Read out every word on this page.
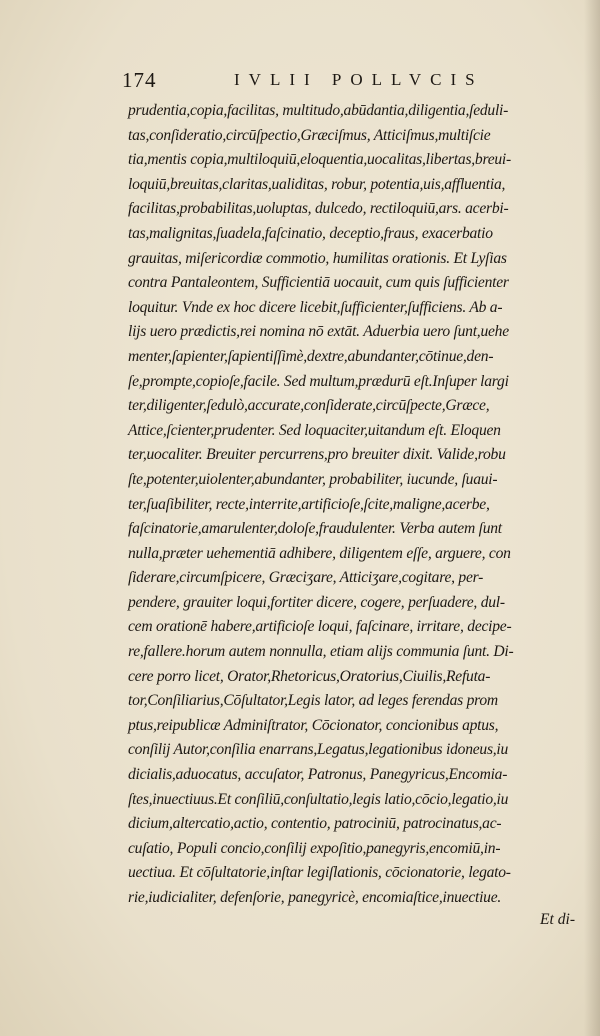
174	IVLII POLLVCIS
prudentia,copia,facilitas, multitudo,abūdantia,diligentia,ſeduli-
tas,conſideratio,circūſpectio,Græciſmus, Atticiſmus,multiſcie
tia,mentis copia,multiloquiū,eloquentia,uocalitas,libertas,breui-
loquiū,breuitas,claritas,ualiditas, robur, potentia,uis,affluentia,
facilitas,probabilitas,uoluptas, dulcedo, rectiloquiū,ars. acerbi-
tas,malignitas,ſuadela,faſcinatio, deceptio,fraus, exacerbatio
grauitas, miſericordiæ commotio, humilitas orationis. Et Lyſias
contra Pantaleontem, Sufficientiā uocauit, cum quis ſufficienter
loquitur. Vnde ex hoc dicere licebit,ſufficienter,ſufficiens. Ab a-
lijs uero prædictis,rei nomina nō extāt. Aduerbia uero ſunt,uehe
menter,ſapienter,ſapientiſſimè,dextre,abundanter,cōtinue,den-
ſe,prompte,copioſe,facile. Sed multum,prædurū eſt.Inſuper largi
ter,diligenter,ſedulò,accurate,conſiderate,circūſpecte,Græce,
Attice,ſcienter,prudenter. Sed loquaciter,uitandum eſt. Eloquen
ter,uocaliter. Breuiter percurrens,pro breuiter dixit. Valide,robu
ſte,potenter,uiolenter,abundanter, probabiliter, iucunde, ſuaui-
ter,ſuaſibiliter, recte,interrite,artificioſe,ſcite,maligne,acerbe,
faſcinatorie,amarulenter,doloſe,fraudulenter. Verba autem ſunt
nulla,præter uehementiā adhibere, diligentem eſſe, arguere, con
ſiderare,circumſpicere, Græciʒare, Atticiʒare,cogitare, per-
pendere, grauiter loqui,fortiter dicere, cogere, perſuadere, dul-
cem orationē habere,artificioſe loqui, faſcinare, irritare, decipe-
re,fallere.horum autem nonnulla, etiam alijs communia ſunt. Di-
cere porro licet, Orator,Rhetoricus,Oratorius,Ciuilis,Refuta-
tor,Conſiliarius,Cōſultator,Legis lator, ad leges ferendas prom
ptus,reipublicæ Adminiſtrator, Cōcionator, concionibus aptus,
conſilij Autor,conſilia enarrans,Legatus,legationibus idoneus,iu
dicialis,aduocatus, accuſator, Patronus, Panegyricus,Encomia-
ſtes,inuectiuus.Et conſiliū,conſultatio,legis latio,cōcio,legatio,iu
dicium,altercatio,actio, contentio, patrociniū, patrocinatus,ac-
cuſatio, Populi concio,conſilij expoſitio,panegyris,encomiū,in-
uectiua. Et cōſultatorie,inſtar legiſlationis, cōcionatorie, legato-
rie,iudicialiter, defenſorie, panegyricè, encomiaſtice,inuectiue.
Et di-
